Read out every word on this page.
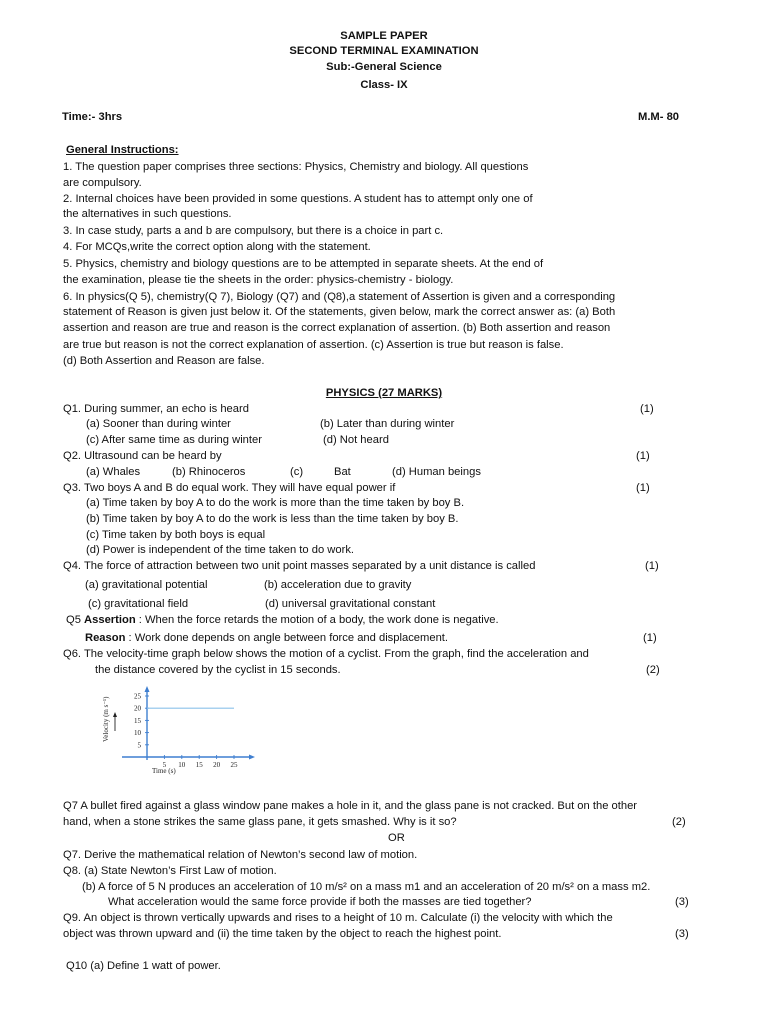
SAMPLE PAPER
SECOND TERMINAL EXAMINATION
Sub:-General Science
Class- IX
Time:- 3hrs	M.M- 80
General Instructions:
1. The question paper comprises three sections: Physics, Chemistry and biology. All questions
are compulsory.
2. Internal choices have been provided in some questions. A student has to attempt only one of
the alternatives in such questions.
3. In case study, parts a and b are compulsory, but there is a choice in part c.
4. For MCQs,write the correct option along with the statement.
5. Physics, chemistry and biology questions are to be attempted in separate sheets. At the end of
the examination, please tie the sheets in the order: physics-chemistry - biology.
6. In physics(Q 5), chemistry(Q 7), Biology (Q7) and (Q8),a statement of Assertion is given and a corresponding
statement of Reason is given just below it. Of the statements, given below, mark the correct answer as: (a) Both
assertion and reason are true and reason is the correct explanation of assertion. (b) Both assertion and reason
are true but reason is not the correct explanation of assertion. (c) Assertion is true but reason is false.
(d) Both Assertion and Reason are false.
PHYSICS (27 MARKS)
Q1. During summer, an echo is heard	(1)
(a) Sooner than during winter	(b) Later than during winter
(c) After same time as during winter	(d) Not heard
Q2. Ultrasound can be heard by	(1)
(a) Whales	(b) Rhinoceros	(c)	Bat	(d) Human beings
Q3. Two boys A and B do equal work. They will have equal power if	(1)
(a) Time taken by boy A to do the work is more than the time taken by boy B.
(b) Time taken by boy A to do the work is less than the time taken by boy B.
(c) Time taken by both boys is equal
(d) Power is independent of the time taken to do work.
Q4. The force of attraction between two unit point masses separated by a unit distance is called	(1)
(a) gravitational potential	(b) acceleration due to gravity
(c) gravitational field	(d) universal gravitational constant
Q5 Assertion : When the force retards the motion of a body, the work done is negative.
Reason : Work done depends on angle between force and displacement.	(1)
Q6. The velocity-time graph below shows the motion of a cyclist. From the graph, find the acceleration and
the distance covered by the cyclist in 15 seconds.	(2)
5 10 15 20 25
5
10
15
20
25
Velocity (m s⁻¹)
Time (s)
Q7 A bullet fired against a glass window pane makes a hole in it, and the glass pane is not cracked. But on the other
hand, when a stone strikes the same glass pane, it gets smashed. Why is it so?	(2)
OR
Q7. Derive the mathematical relation of Newton’s second law of motion.
Q8. (a) State Newton’s First Law of motion.
(b) A force of 5 N produces an acceleration of 10 m/s² on a mass m1 and an acceleration of 20 m/s² on a mass m2.
What acceleration would the same force provide if both the masses are tied together?	(3)
Q9. An object is thrown vertically upwards and rises to a height of 10 m. Calculate (i) the velocity with which the
object was thrown upward and (ii) the time taken by the object to reach the highest point.	(3)
Q10 (a) Define 1 watt of power.
